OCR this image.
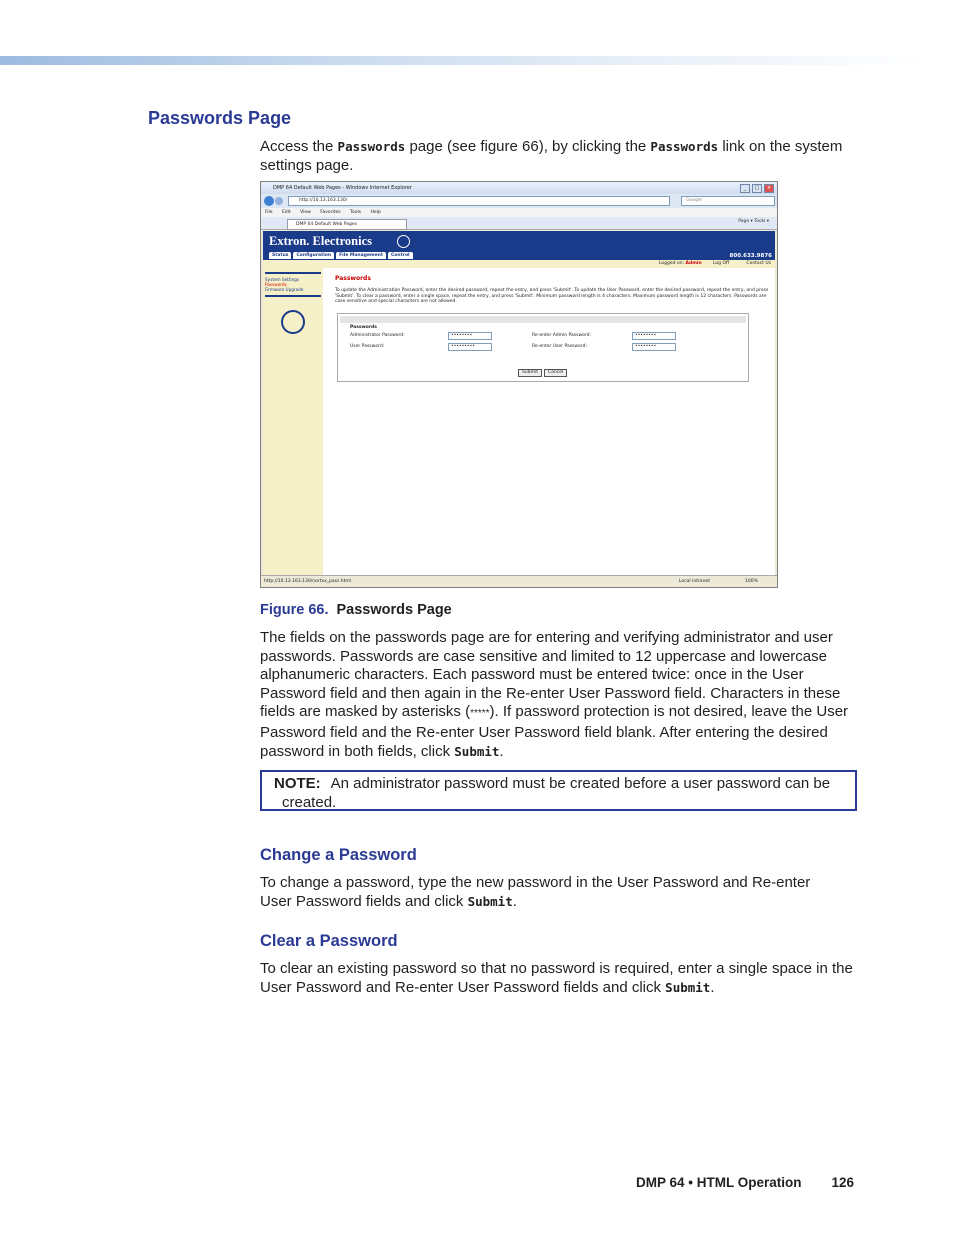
Passwords Page

Access the Passwords page (see figure 66), by clicking the Passwords link on the system settings page.

DMP 64 Default Web Pages - Windows Internet Explorer	_	□	×
http://10.13.163.130/	Google
File Edit View Favorites Tools Help
DMP 64 Default Web Pages
Page ▾ Tools ▾
Extron. Electronics
800.633.9876
Status	Configuration	File Management	Control
Logged on: Admin	Log Off	Contact Us
System Settings
Passwords
Firmware Upgrade
Passwords
To update the Administration Password, enter the desired password, repeat the entry, and press 'Submit'. To update the User Password, enter the desired password, repeat the entry, and press 'Submit'. To clear a password, enter a single space, repeat the entry, and press 'Submit'. Minimum password length is 4 characters. Maximum password length is 12 characters. Passwords are case sensitive and special characters are not allowed.
Passwords
Administrator Password:	••••••••	Re-enter Admin Password:	••••••••
User Password:	•••••••••	Re-enter User Password:	••••••••
Submit	Cancel
http://10.13.163.130/nortxx_pass.html	Local intranet	100%
Figure 66. Passwords Page

The fields on the passwords page are for entering and verifying administrator and user passwords. Passwords are case sensitive and limited to 12 uppercase and lowercase alphanumeric characters. Each password must be entered twice: once in the User Password field and then again in the Re-enter User Password field. Characters in these fields are masked by asterisks (*****). If password protection is not desired, leave the User Password field and the Re-enter User Password field blank. After entering the desired password in both fields, click Submit.

NOTE: An administrator password must be created before a user password can be
created.
Change a Password

To change a password, type the new password in the User Password and Re-enter User Password fields and click Submit.

Clear a Password

To clear an existing password so that no password is required, enter a single space in the User Password and Re-enter User Password fields and click Submit.

DMP 64 • HTML Operation 126
